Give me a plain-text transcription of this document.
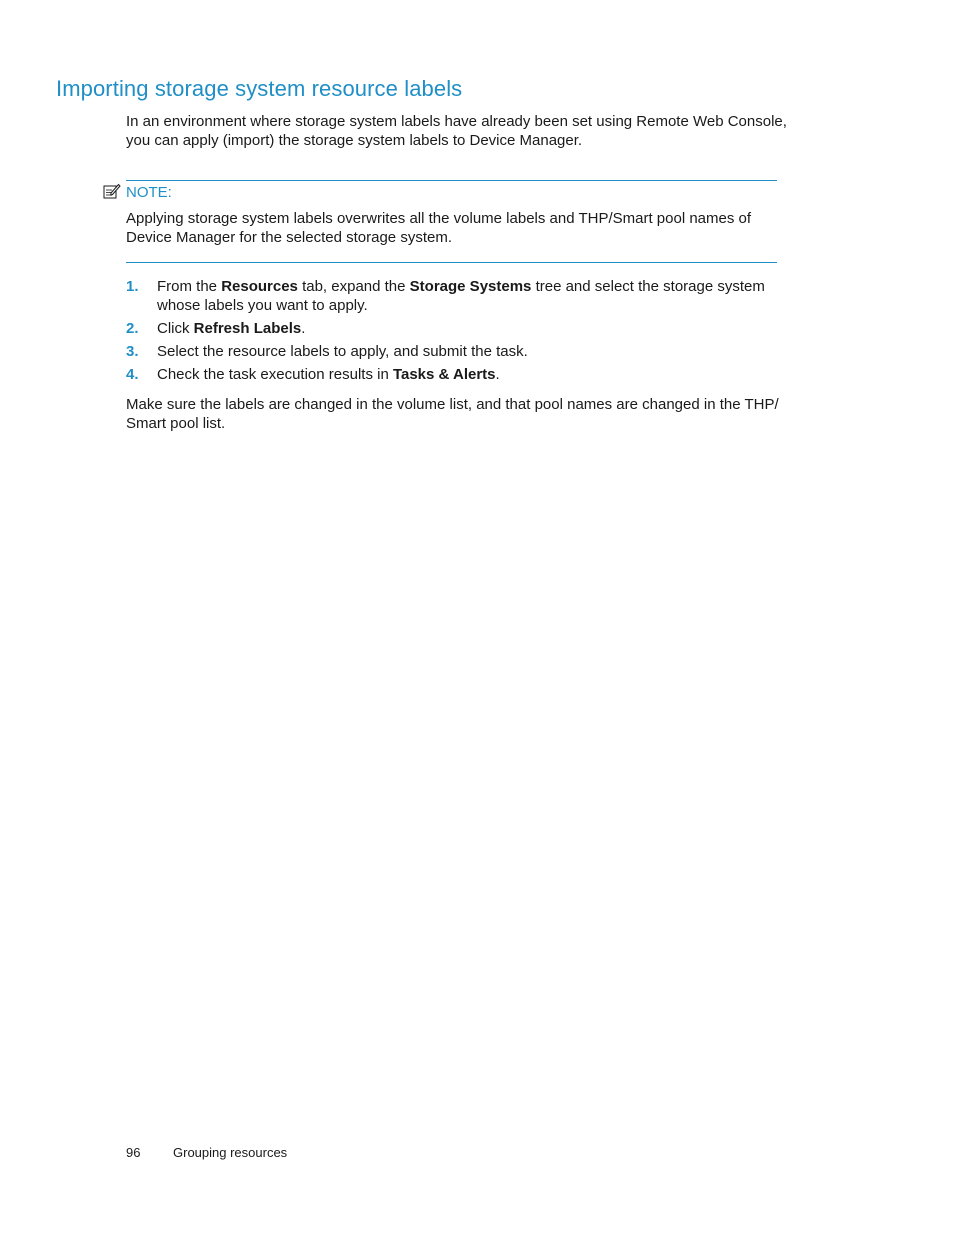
Importing storage system resource labels

In an environment where storage system labels have already been set using Remote Web Console, you can apply (import) the storage system labels to Device Manager.

NOTE:

Applying storage system labels overwrites all the volume labels and THP/Smart pool names of Device Manager for the selected storage system.

1. From the Resources tab, expand the Storage Systems tree and select the storage system whose labels you want to apply.
2. Click Refresh Labels.
3. Select the resource labels to apply, and submit the task.
4. Check the task execution results in Tasks & Alerts.

Make sure the labels are changed in the volume list, and that pool names are changed in the THP/ Smart pool list.

96	Grouping resources
